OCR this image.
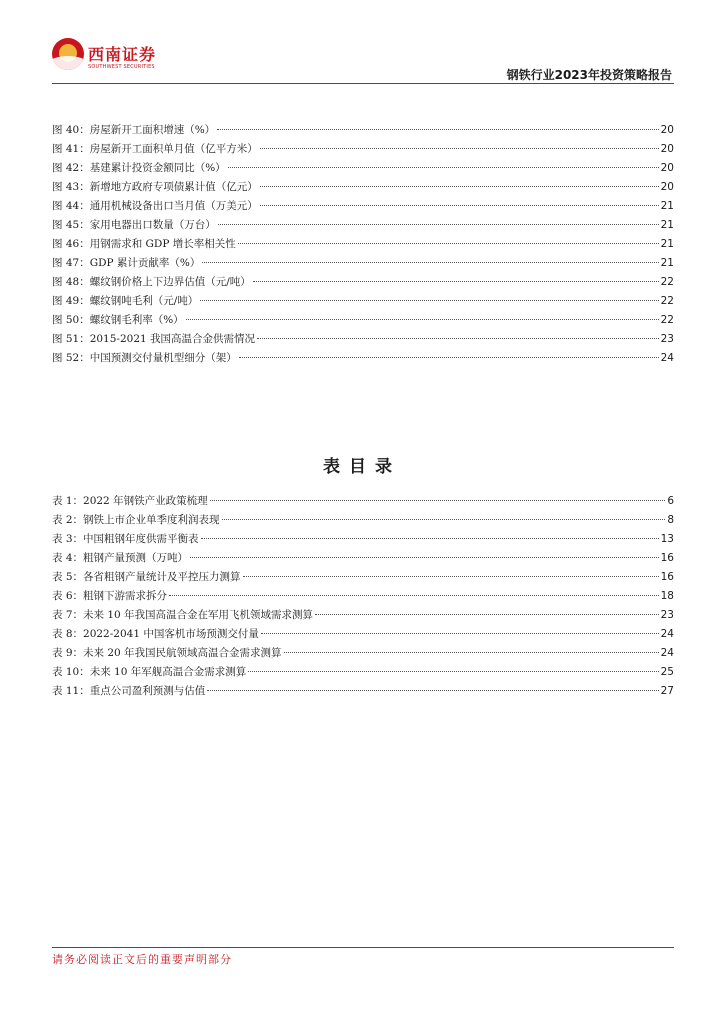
西南证券
SOUTHWEST SECURITIES
钢铁行业2023年投资策略报告
图 40：房屋新开工面积增速（%）	20
图 41：房屋新开工面积单月值（亿平方米）	20
图 42：基建累计投资金额同比（%）	20
图 43：新增地方政府专项债累计值（亿元）	20
图 44：通用机械设备出口当月值（万美元）	21
图 45：家用电器出口数量（万台）	21
图 46：用钢需求和 GDP 增长率相关性	21
图 47：GDP 累计贡献率（%）	21
图 48：螺纹钢价格上下边界估值（元/吨）	22
图 49：螺纹钢吨毛利（元/吨）	22
图 50：螺纹钢毛利率（%）	22
图 51：2015-2021 我国高温合金供需情况	23
图 52：中国预测交付量机型细分（架）	24
表目录
表 1：2022 年钢铁产业政策梳理	6
表 2：钢铁上市企业单季度利润表现	8
表 3：中国粗钢年度供需平衡表	13
表 4：粗钢产量预测（万吨）	16
表 5：各省粗钢产量统计及平控压力测算	16
表 6：粗钢下游需求拆分	18
表 7：未来 10 年我国高温合金在军用飞机领域需求测算	23
表 8：2022-2041 中国客机市场预测交付量	24
表 9：未来 20 年我国民航领域高温合金需求测算	24
表 10：未来 10 年军舰高温合金需求测算	25
表 11：重点公司盈利预测与估值	27
请务必阅读正文后的重要声明部分
